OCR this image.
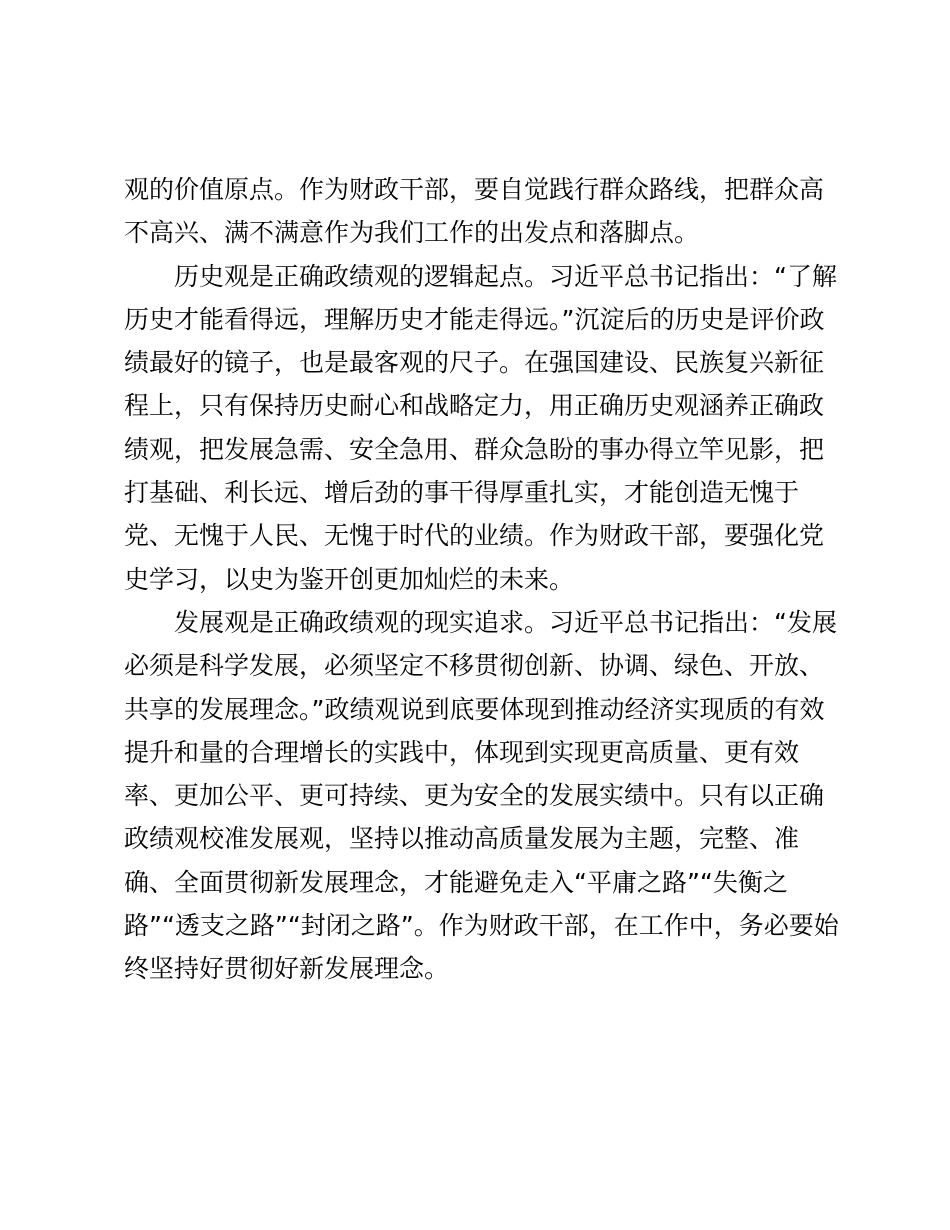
观的价值原点。作为财政干部，要自觉践行群众路线，把群众高
不高兴、满不满意作为我们工作的出发点和落脚点。
历史观是正确政绩观的逻辑起点。习近平总书记指出：“了解
历史才能看得远，理解历史才能走得远。”沉淀后的历史是评价政
绩最好的镜子，也是最客观的尺子。在强国建设、民族复兴新征
程上，只有保持历史耐心和战略定力，用正确历史观涵养正确政
绩观，把发展急需、安全急用、群众急盼的事办得立竿见影，把
打基础、利长远、增后劲的事干得厚重扎实，才能创造无愧于
党、无愧于人民、无愧于时代的业绩。作为财政干部，要强化党
史学习，以史为鉴开创更加灿烂的未来。
发展观是正确政绩观的现实追求。习近平总书记指出：“发展
必须是科学发展，必须坚定不移贯彻创新、协调、绿色、开放、
共享的发展理念。”政绩观说到底要体现到推动经济实现质的有效
提升和量的合理增长的实践中，体现到实现更高质量、更有效
率、更加公平、更可持续、更为安全的发展实绩中。只有以正确
政绩观校准发展观，坚持以推动高质量发展为主题，完整、准
确、全面贯彻新发展理念，才能避免走入“平庸之路”“失衡之
路”“透支之路”“封闭之路”。作为财政干部，在工作中，务必要始
终坚持好贯彻好新发展理念。
